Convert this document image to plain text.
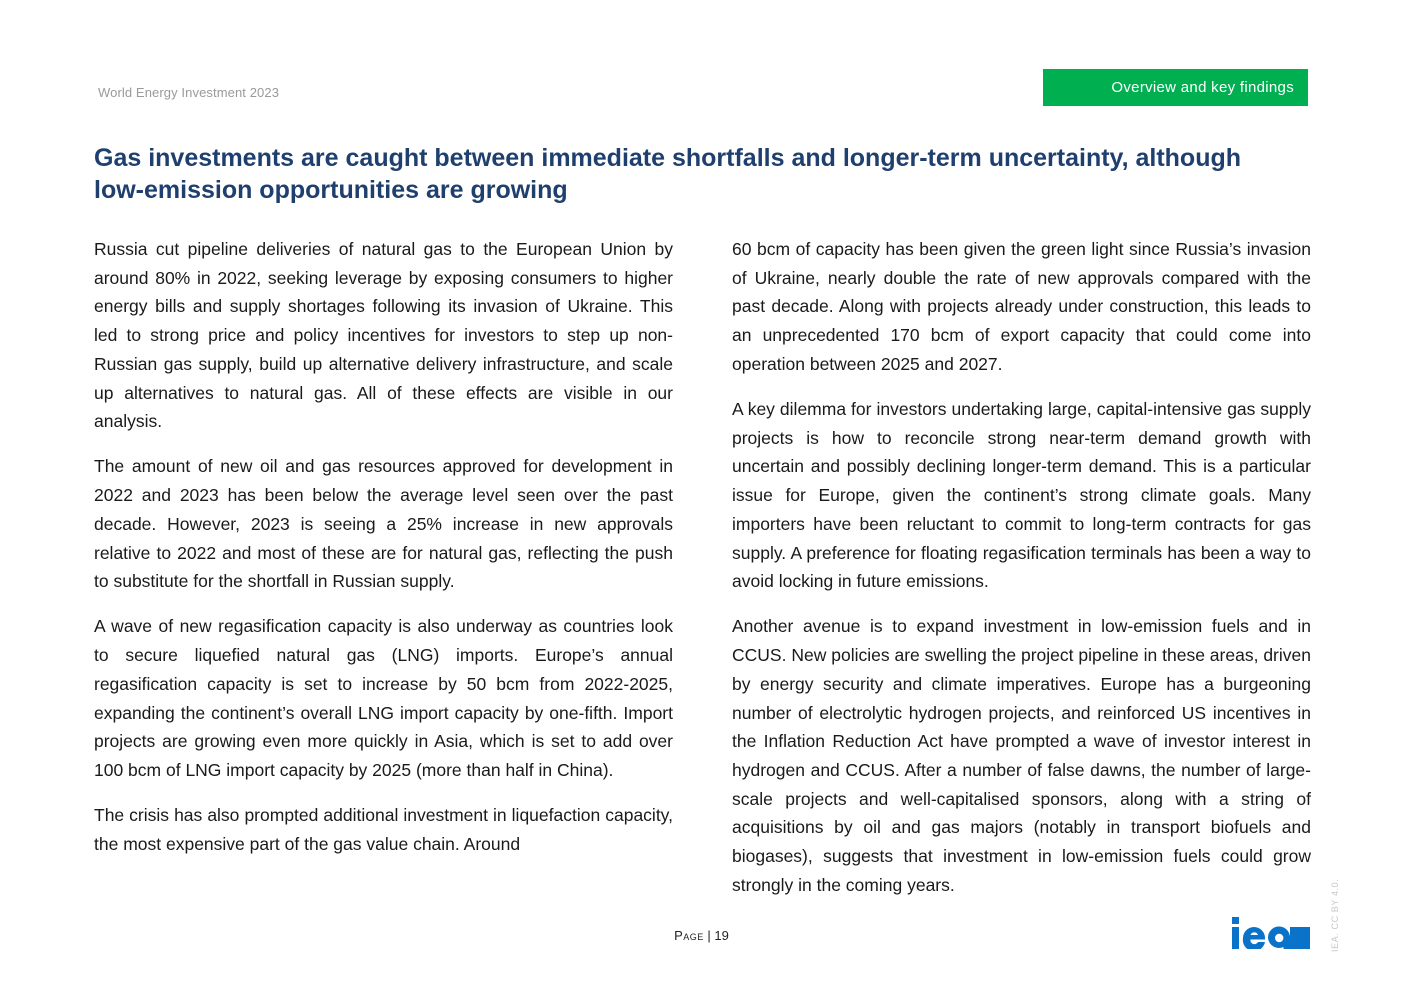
World Energy Investment 2023	Overview and key findings
Gas investments are caught between immediate shortfalls and longer-term uncertainty, although low-emission opportunities are growing

Russia cut pipeline deliveries of natural gas to the European Union by around 80% in 2022, seeking leverage by exposing consumers to higher energy bills and supply shortages following its invasion of Ukraine. This led to strong price and policy incentives for investors to step up non-Russian gas supply, build up alternative delivery infrastructure, and scale up alternatives to natural gas. All of these effects are visible in our analysis.

The amount of new oil and gas resources approved for development in 2022 and 2023 has been below the average level seen over the past decade. However, 2023 is seeing a 25% increase in new approvals relative to 2022 and most of these are for natural gas, reflecting the push to substitute for the shortfall in Russian supply.

A wave of new regasification capacity is also underway as countries look to secure liquefied natural gas (LNG) imports. Europe’s annual regasification capacity is set to increase by 50 bcm from 2022-2025, expanding the continent’s overall LNG import capacity by one-fifth. Import projects are growing even more quickly in Asia, which is set to add over 100 bcm of LNG import capacity by 2025 (more than half in China).

The crisis has also prompted additional investment in liquefaction capacity, the most expensive part of the gas value chain. Around

60 bcm of capacity has been given the green light since Russia’s invasion of Ukraine, nearly double the rate of new approvals compared with the past decade. Along with projects already under construction, this leads to an unprecedented 170 bcm of export capacity that could come into operation between 2025 and 2027.

A key dilemma for investors undertaking large, capital-intensive gas supply projects is how to reconcile strong near-term demand growth with uncertain and possibly declining longer-term demand. This is a particular issue for Europe, given the continent’s strong climate goals. Many importers have been reluctant to commit to long-term contracts for gas supply. A preference for floating regasification terminals has been a way to avoid locking in future emissions.

Another avenue is to expand investment in low-emission fuels and in CCUS. New policies are swelling the project pipeline in these areas, driven by energy security and climate imperatives. Europe has a burgeoning number of electrolytic hydrogen projects, and reinforced US incentives in the Inflation Reduction Act have prompted a wave of investor interest in hydrogen and CCUS. After a number of false dawns, the number of large-scale projects and well-capitalised sponsors, along with a string of acquisitions by oil and gas majors (notably in transport biofuels and biogases), suggests that investment in low-emission fuels could grow strongly in the coming years.

Page | 19	IEA. CC BY 4.0.
